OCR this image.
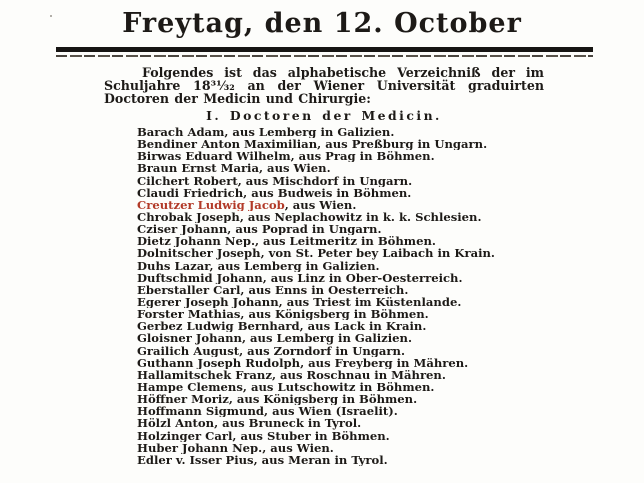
Freytag, den 12. October
Folgendes ist das alphabetische Verzeichniß der im
Schuljahre 18³¹⁄₃₂ an der Wiener Universität graduirten
Doctoren der Medicin und Chirurgie:
I. Doctoren der Medicin.
Barach Adam, aus Lemberg in Galizien.
Bendiner Anton Maximilian, aus Preßburg in Ungarn.
Birwas Eduard Wilhelm, aus Prag in Böhmen.
Braun Ernst Maria, aus Wien.
Cilchert Robert, aus Mischdorf in Ungarn.
Claudi Friedrich, aus Budweis in Böhmen.
Creutzer Ludwig Jacob, aus Wien.
Chrobak Joseph, aus Neplachowitz in k. k. Schlesien.
Cziser Johann, aus Poprad in Ungarn.
Dietz Johann Nep., aus Leitmeritz in Böhmen.
Dolnitscher Joseph, von St. Peter bey Laibach in Krain.
Duhs Lazar, aus Lemberg in Galizien.
Duftschmid Johann, aus Linz in Ober-Oesterreich.
Eberstaller Carl, aus Enns in Oesterreich.
Egerer Joseph Johann, aus Triest im Küstenlande.
Forster Mathias, aus Königsberg in Böhmen.
Gerbez Ludwig Bernhard, aus Lack in Krain.
Gloisner Johann, aus Lemberg in Galizien.
Grailich August, aus Zorndorf in Ungarn.
Guthann Joseph Rudolph, aus Freyberg in Mähren.
Hallamitschek Franz, aus Roschnau in Mähren.
Hampe Clemens, aus Lutschowitz in Böhmen.
Höffner Moriz, aus Königsberg in Böhmen.
Hoffmann Sigmund, aus Wien (Israelit).
Hölzl Anton, aus Bruneck in Tyrol.
Holzinger Carl, aus Stuber in Böhmen.
Huber Johann Nep., aus Wien.
Edler v. Isser Pius, aus Meran in Tyrol.
